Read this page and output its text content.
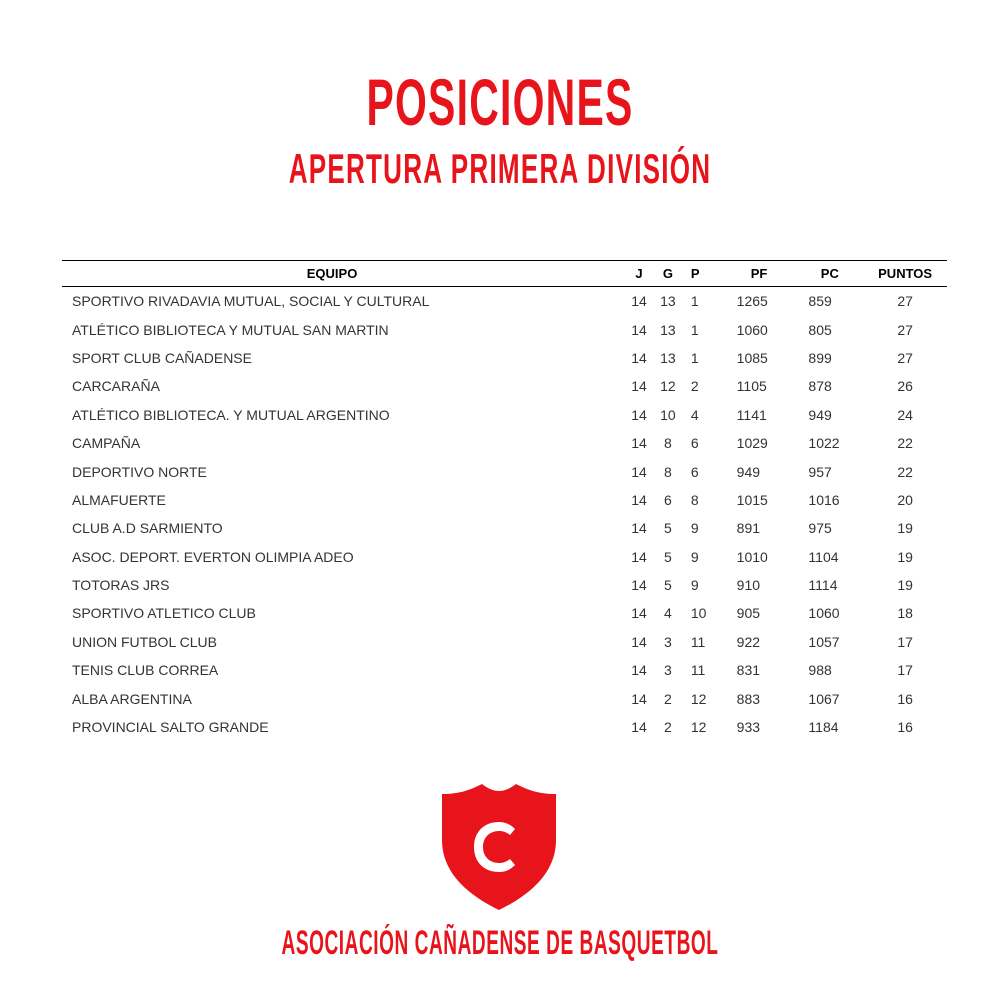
POSICIONES
APERTURA PRIMERA DIVISIÓN
EQUIPO	J	G	P	PF	PC	PUNTOS
SPORTIVO RIVADAVIA MUTUAL, SOCIAL Y CULTURAL	14	13	1	1265	859	27
ATLÉTICO BIBLIOTECA Y MUTUAL SAN MARTIN	14	13	1	1060	805	27
SPORT CLUB CAÑADENSE	14	13	1	1085	899	27
CARCARAÑA	14	12	2	1105	878	26
ATLÉTICO BIBLIOTECA. Y MUTUAL ARGENTINO	14	10	4	1141	949	24
CAMPAÑA	14	8	6	1029	1022	22
DEPORTIVO NORTE	14	8	6	949	957	22
ALMAFUERTE	14	6	8	1015	1016	20
CLUB A.D SARMIENTO	14	5	9	891	975	19
ASOC. DEPORT. EVERTON OLIMPIA ADEO	14	5	9	1010	1104	19
TOTORAS JRS	14	5	9	910	1114	19
SPORTIVO ATLETICO CLUB	14	4	10	905	1060	18
UNION FUTBOL CLUB	14	3	11	922	1057	17
TENIS CLUB CORREA	14	3	11	831	988	17
ALBA ARGENTINA	14	2	12	883	1067	16
PROVINCIAL SALTO GRANDE	14	2	12	933	1184	16
ASOCIACIÓN CAÑADENSE DE BASQUETBOL
